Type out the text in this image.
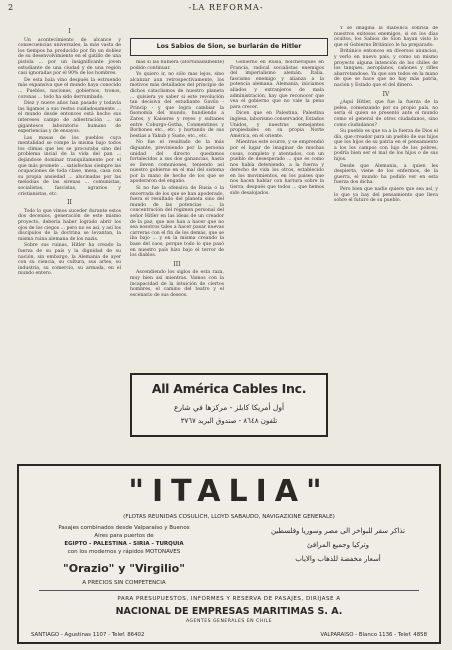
2	-LA REFORMA-
I

Un acontecimiento de alcance y consecuencias universales, la más vasta de los tiempos ha producido por fin un doblez de su desenvolvimiento en el gatillo de una pistola ... por un insignificante joven estudiante de una ciudad y de una región casi ignoradas por el 90% de los hombres.

De esta bala vino después la estruendo más expansiva que el mundo haya conocido ... Pueblos, naciones, gobiernos, tronos, coronas ... todo ha sido derrumbado.

Diez y nueve años han pasado y todavía las ligamos a sus restos cuidadosamente ... el mundo desde entonces está hecho sus intereses campo de adiestración ... un gigantesco laboratorio humano de experiencias y de ensayos.

Las masas de los pueblos cuya mentalidad se rompe la misma bajo todos los climas que les se procuraba sino del problema incial de la vida del pan ... dejándose dominar tranquilamente por el que más promete ... satisfechas siempre las ocupaciones de toda clase, mesa, casa con su propia ansiedad ... alucinadas por las melodías de las sirenas ... comunistas, socialistas, fascistas, agrarios y cristianistas, etc.

II

Todo lo que vimos suceder durante estos dos decenios, generación de este mismo proyecto, debería haber logrado abrir los ojos de los ciegos ... pero no es así, y así los discípulos de la doctrina se levantan, la misma ruina alemana de los nazis.

Sobre sus ruinas, Hitler ha creado la fuerza de su país y la dignidad de su nación, sin embargo, la Alemania de ayer con su ciencia, su cultura, sus artes, su industria, su comercio, su armada, en el mundo entero.

Los Sabios de Sion, se burlarán de Hitler

más si las hubiera (afortunadamente) podido continuar.

Yo quiero ir, no sólo mas lejos, sino alcanzar aun retrospectivamente, los motivos más detallados del principio de dichos cataclismos de nuestro planeta ... quisiera yo saber si este revolución tan decisiva del estudiante Gavilo - Princip - y que logra cambiar la fisonomía del mundo, hundiendo a Zares, y Kaiseres y reyes y sultanes entre Coburgo-Gotha, Conmentinos y Borbones etc., etc. y hurtando de sus bestias a Yakub y Suste, etc., etc.

No fue el resultado de la más diguante, previniendo por la persona unidad del directo quedamos fortalecidos a sus dos ganancias, hasta se lleven comuniones, teniendo así nuestro gobierno en el mal del sistema por la mano de hecho de los que se apoderaron del engaño.

Si no fue la ofensiva de Rusia o la encerrada de los que se han apoderado, fuera el resultado del planeta sino del mundo de las potencias ... la concentración del régimen personal del señor Hitler en las ideas de un creador de la paz, que nos han a hacer que no sea nosotros tales a hacer pasar nuevas carreras con el fin de los demás, que se iba bajo ... y en la misma creando la base del caos; porque todo lo que pasó en nuestro país hizo bajo el terror de los diablos.

III

Ascendiendo los siglos de esta raza, muy bien así mientras. Vamos con la incapacidad de la intuición de ciertos hombres, el camino del teatro y el escenario de sus deseos.

Gobierno en Rusia, bolcheviques en Francia, radical socialistas enemigos del imperialismo alemán. Italia, fascismo enemigo y alianza a la potencia alemana. Alemania, iniciamos aliados y extranjeros de mala administración, hay que reconocer que vea el gobierno que no vale la pena para crecer.

Dicen que en Palestina, Palestina inglesa, laborismo conservador, Estados Unidos, y nuestras semejantes propiedades en su propia Norte América, en el oriente.

Mientras este ocurre, y se emprendió por el lugar de imaginar de muchas cosas, completo y atentados, con un pueblo de desesperado ... que es como nos había deteniendo, a la fuerza y derecho de vida los otros, establecido en los movimientos, en los países que nos hacen hablar con hartura sobre la tierra, después que todos ... que hemos sido desalojados.

Y se imagina la diabólica sonrisa de nuestros exitosos enemigos, si en los días ocultos, los Sabios de Sion hayan visto lo que el Gobierno Británico le ha preparado.

Británico entonces en diversos anuncios, y verlo en nuevo país, y como un mismo proyecto alguna intención de los chiles de los tanques, aeroplanos, cañones y rifles abarrotandose. Ya que son todos en la mano de que se hace que no hay más patria, nación y Estado que el del dinero.

IV

¿Aquí Hitler, que fue la fuerza de la pelea, comenzando por su propio país, no sería él quien se presentó ante el mundo como el general de otros ciudadanos, sino como ciudadanos?

Su pueblo es que va a la fuerza de Dios el día, que creador para un pueblo de sus hijos que los hijos de su patria en el pensamiento a los los campos con lujo de los pobres, podría bien ser el mal de los hijos o de sus hijos.

Desde que Alemania, a quien les despierta, viene de los enfermos, de la guerra, el mundo ha podido ver en esta fuerza dos dicha.

Pero bien que nadie quiere que sea así, y lo que ya hay del pensamiento que lleva sobre el futuro de su pueblo.

All América Cables Inc.
أول أمريكا كابلز - مركزها في شارع
تلفون ٨٦٤٨ - صندوق البريد ٣٧٦٧
"ITALIA"
(FLOTAS REUNIDAS COSULICH, LLOYD SABAUDO, NAVIGAZIONE GENERALE)
Pasajes combinados desde Valparaíso y Buenos
Aires para puertos de
EGIPTO - PALESTINA - SIRIA - TURQUIA
con los modernos y rápidos MOTONAVES
تذاكر سفر للبواخر الى مصر وسوريا وفلسطين
وتركيا وجميع المرافئ
أسعار مخفضة للذهاب والاياب
"Orazio" y "Virgilio"
A PRECIOS SIN COMPETENCIA
PARA PRESUPUESTOS, INFORMES Y RESERVA DE PASAJES, DIRIJASE A
NACIONAL DE EMPRESAS MARITIMAS S. A.
AGENTES GENERALES EN CHILE
SANTIAGO - Agustinas 1107 - Telef. 86402	VALPARAISO - Blanco 1136 - Telef. 4858
